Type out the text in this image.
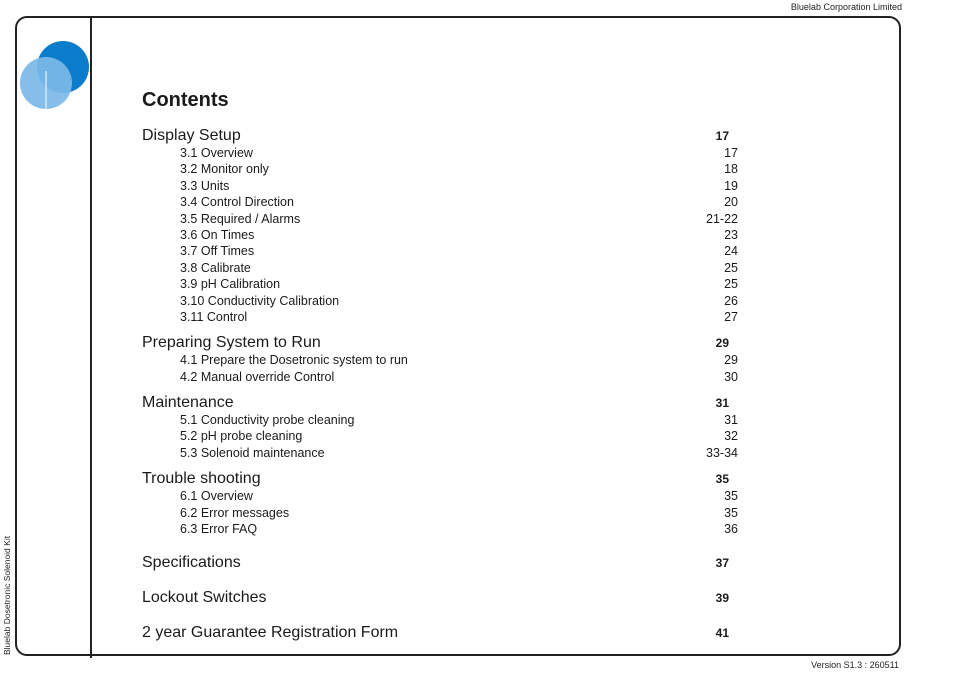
Bluelab Corporation Limited
Bluelab Dosetronic Solenoid Kit
Contents
Display Setup	17
3.1 Overview	17
3.2 Monitor only	18
3.3 Units	19
3.4 Control Direction	20
3.5 Required / Alarms	21-22
3.6 On Times	23
3.7 Off Times	24
3.8 Calibrate	25
3.9 pH Calibration	25
3.10 Conductivity Calibration	26
3.11 Control	27
Preparing System to Run	29
4.1 Prepare the Dosetronic system to run	29
4.2 Manual override Control	30
Maintenance	31
5.1 Conductivity probe cleaning	31
5.2 pH probe cleaning	32
5.3 Solenoid maintenance	33-34
Trouble shooting	35
6.1 Overview	35
6.2 Error messages	35
6.3 Error FAQ	36
Specifications	37
Lockout Switches	39
2 year Guarantee Registration Form	41
Version S1.3 : 260511
